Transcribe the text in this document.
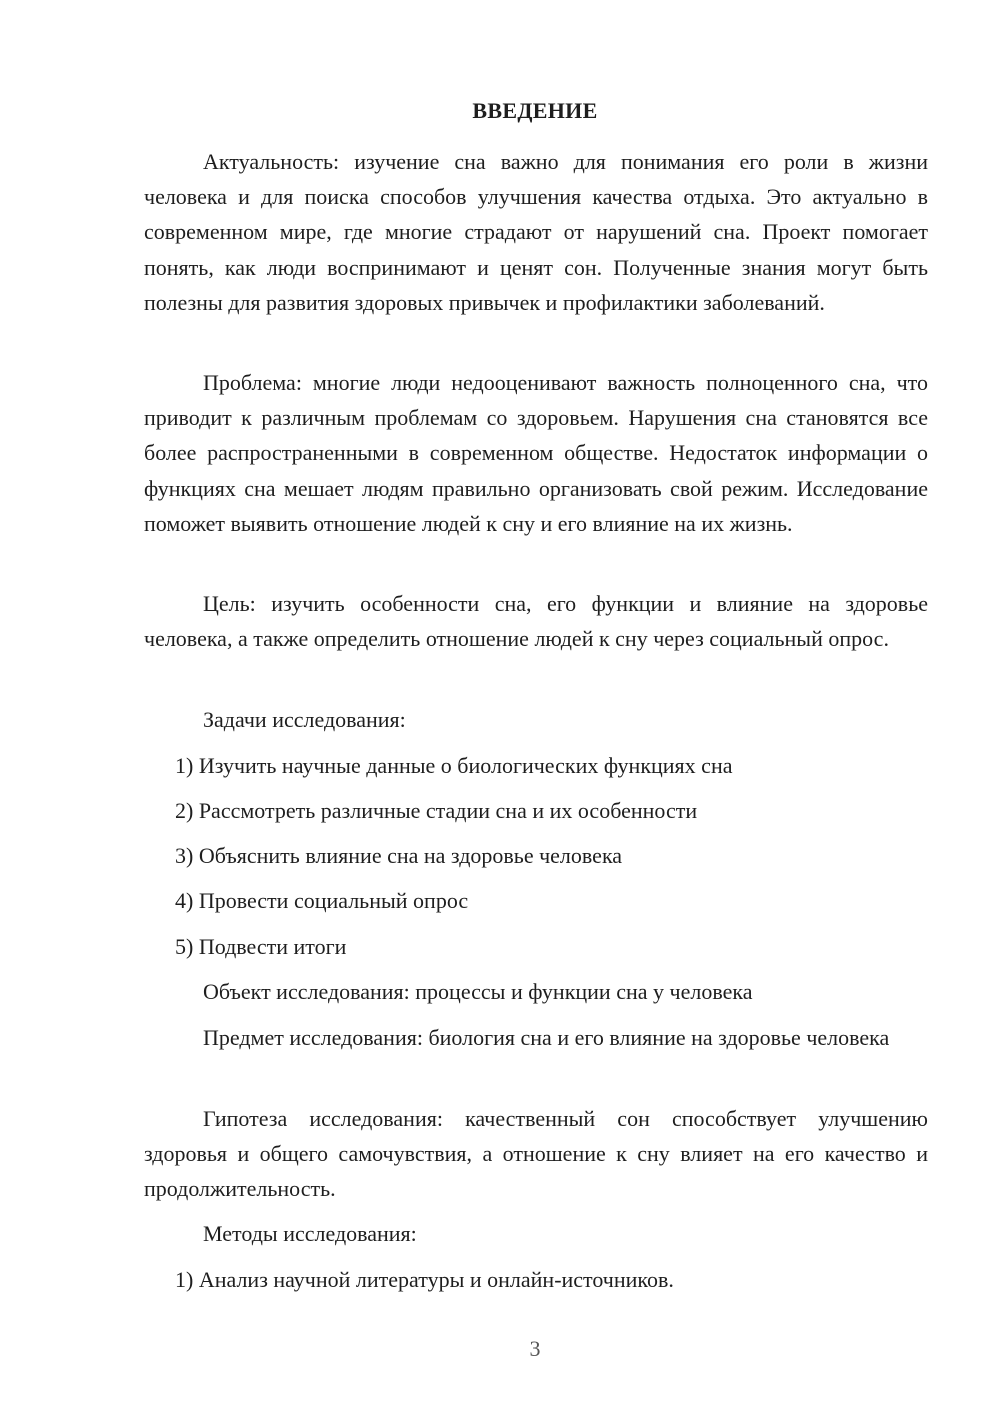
ВВЕДЕНИЕ

Актуальность: изучение сна важно для понимания его роли в жизни человека и для поиска способов улучшения качества отдыха. Это актуально в современном мире, где многие страдают от нарушений сна. Проект помогает понять, как люди воспринимают и ценят сон. Полученные знания могут быть полезны для развития здоровых привычек и профилактики заболеваний.

Проблема: многие люди недооценивают важность полноценного сна, что приводит к различным проблемам со здоровьем. Нарушения сна становятся все более распространенными в современном обществе. Недостаток информации о функциях сна мешает людям правильно организовать свой режим. Исследование поможет выявить отношение людей к сну и его влияние на их жизнь.

Цель: изучить особенности сна, его функции и влияние на здоровье человека, а также определить отношение людей к сну через социальный опрос.

Задачи исследования:

1) Изучить научные данные о биологических функциях сна

2) Рассмотреть различные стадии сна и их особенности

3) Объяснить влияние сна на здоровье человека

4) Провести социальный опрос

5) Подвести итоги

Объект исследования: процессы и функции сна у человека

Предмет исследования: биология сна и его влияние на здоровье человека

Гипотеза исследования: качественный сон способствует улучшению здоровья и общего самочувствия, а отношение к сну влияет на его качество и продолжительность.

Методы исследования:

1) Анализ научной литературы и онлайн-источников.

3
